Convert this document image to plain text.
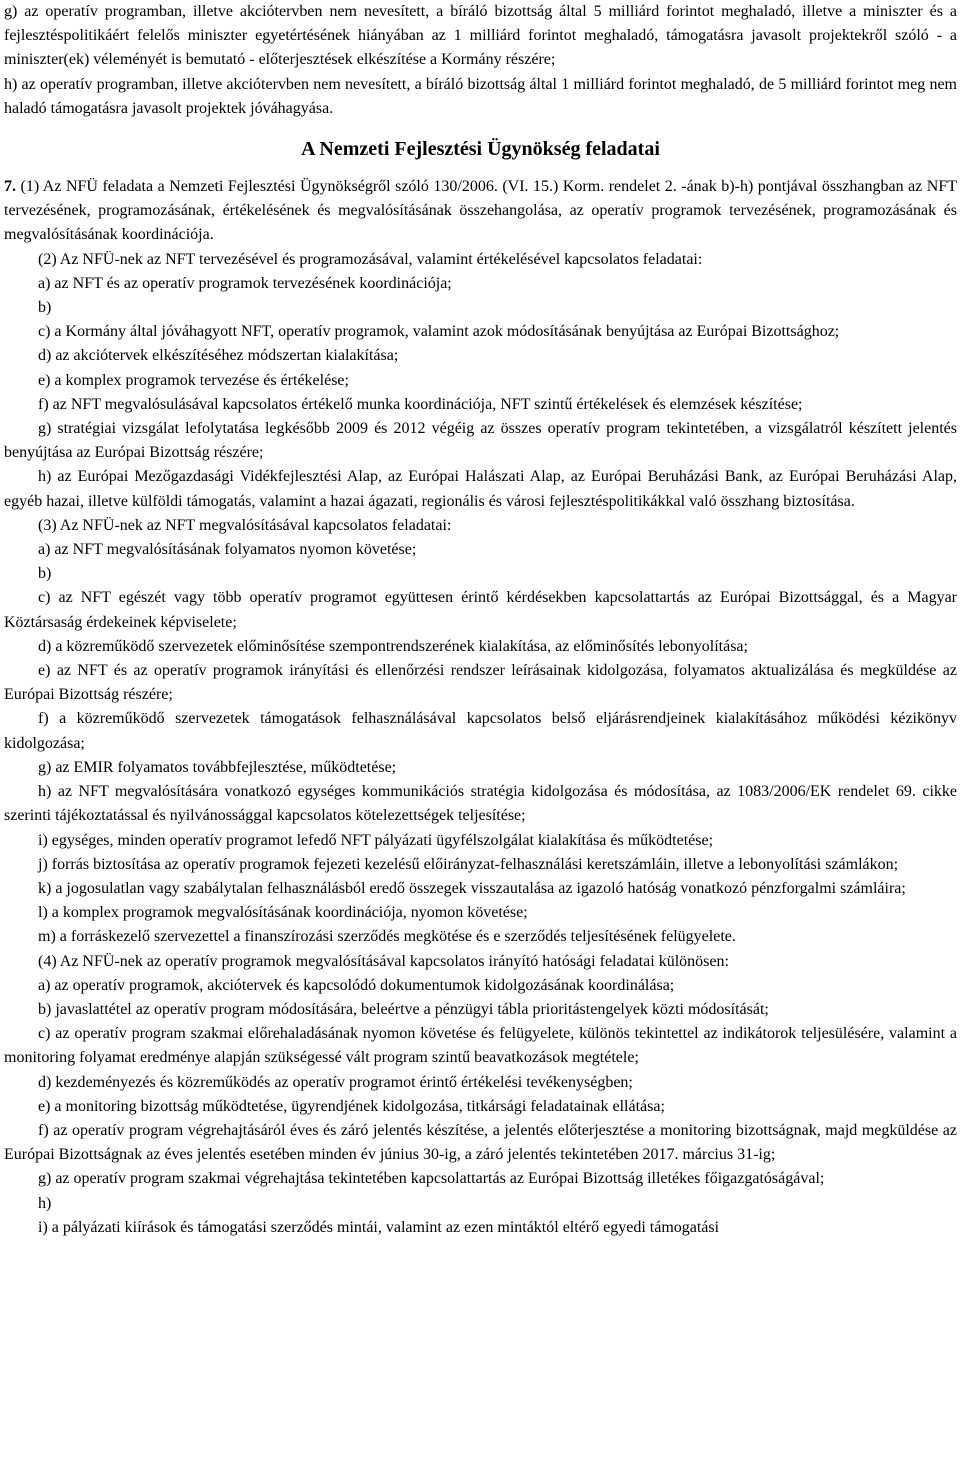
g) az operatív programban, illetve akciótervben nem nevesített, a bíráló bizottság által 5 milliárd forintot meghaladó, illetve a miniszter és a fejlesztéspolitikáért felelős miniszter egyetértésének hiányában az 1 milliárd forintot meghaladó, támogatásra javasolt projektekről szóló - a miniszter(ek) véleményét is bemutató - előterjesztések elkészítése a Kormány részére;

h) az operatív programban, illetve akciótervben nem nevesített, a bíráló bizottság által 1 milliárd forintot meghaladó, de 5 milliárd forintot meg nem haladó támogatásra javasolt projektek jóváhagyása.

A Nemzeti Fejlesztési Ügynökség feladatai

7. (1) Az NFÜ feladata a Nemzeti Fejlesztési Ügynökségről szóló 130/2006. (VI. 15.) Korm. rendelet 2. -ának b)-h) pontjával összhangban az NFT tervezésének, programozásának, értékelésének és megvalósításának összehangolása, az operatív programok tervezésének, programozásának és megvalósításának koordinációja.

(2) Az NFÜ-nek az NFT tervezésével és programozásával, valamint értékelésével kapcsolatos feladatai:

a) az NFT és az operatív programok tervezésének koordinációja;

b)

c) a Kormány által jóváhagyott NFT, operatív programok, valamint azok módosításának benyújtása az Európai Bizottsághoz;

d) az akciótervek elkészítéséhez módszertan kialakítása;

e) a komplex programok tervezése és értékelése;

f) az NFT megvalósulásával kapcsolatos értékelő munka koordinációja, NFT szintű értékelések és elemzések készítése;

g) stratégiai vizsgálat lefolytatása legkésőbb 2009 és 2012 végéig az összes operatív program tekintetében, a vizsgálatról készített jelentés benyújtása az Európai Bizottság részére;

h) az Európai Mezőgazdasági Vidékfejlesztési Alap, az Európai Halászati Alap, az Európai Beruházási Bank, az Európai Beruházási Alap, egyéb hazai, illetve külföldi támogatás, valamint a hazai ágazati, regionális és városi fejlesztéspolitikákkal való összhang biztosítása.

(3) Az NFÜ-nek az NFT megvalósításával kapcsolatos feladatai:

a) az NFT megvalósításának folyamatos nyomon követése;

b)

c) az NFT egészét vagy több operatív programot együttesen érintő kérdésekben kapcsolattartás az Európai Bizottsággal, és a Magyar Köztársaság érdekeinek képviselete;

d) a közreműködő szervezetek előminősítése szempontrendszerének kialakítása, az előminősítés lebonyolítása;

e) az NFT és az operatív programok irányítási és ellenőrzési rendszer leírásainak kidolgozása, folyamatos aktualizálása és megküldése az Európai Bizottság részére;

f) a közreműködő szervezetek támogatások felhasználásával kapcsolatos belső eljárásrendjeinek kialakításához működési kézikönyv kidolgozása;

g) az EMIR folyamatos továbbfejlesztése, működtetése;

h) az NFT megvalósítására vonatkozó egységes kommunikációs stratégia kidolgozása és módosítása, az 1083/2006/EK rendelet 69. cikke szerinti tájékoztatással és nyilvánossággal kapcsolatos kötelezettségek teljesítése;

i) egységes, minden operatív programot lefedő NFT pályázati ügyfélszolgálat kialakítása és működtetése;

j) forrás biztosítása az operatív programok fejezeti kezelésű előirányzat-felhasználási keretszámláin, illetve a lebonyolítási számlákon;

k) a jogosulatlan vagy szabálytalan felhasználásból eredő összegek visszautalása az igazoló hatóság vonatkozó pénzforgalmi számláira;

l) a komplex programok megvalósításának koordinációja, nyomon követése;

m) a forráskezelő szervezettel a finanszírozási szerződés megkötése és e szerződés teljesítésének felügyelete.

(4) Az NFÜ-nek az operatív programok megvalósításával kapcsolatos irányító hatósági feladatai különösen:

a) az operatív programok, akciótervek és kapcsolódó dokumentumok kidolgozásának koordinálása;

b) javaslattétel az operatív program módosítására, beleértve a pénzügyi tábla prioritástengelyek közti módosítását;

c) az operatív program szakmai előrehaladásának nyomon követése és felügyelete, különös tekintettel az indikátorok teljesülésére, valamint a monitoring folyamat eredménye alapján szükségessé vált program szintű beavatkozások megtétele;

d) kezdeményezés és közreműködés az operatív programot érintő értékelési tevékenységben;

e) a monitoring bizottság működtetése, ügyrendjének kidolgozása, titkársági feladatainak ellátása;

f) az operatív program végrehajtásáról éves és záró jelentés készítése, a jelentés előterjesztése a monitoring bizottságnak, majd megküldése az Európai Bizottságnak az éves jelentés esetében minden év június 30-ig, a záró jelentés tekintetében 2017. március 31-ig;

g) az operatív program szakmai végrehajtása tekintetében kapcsolattartás az Európai Bizottság illetékes főigazgatóságával;

h)

i) a pályázati kiírások és támogatási szerződés mintái, valamint az ezen mintáktól eltérő egyedi támogatási
